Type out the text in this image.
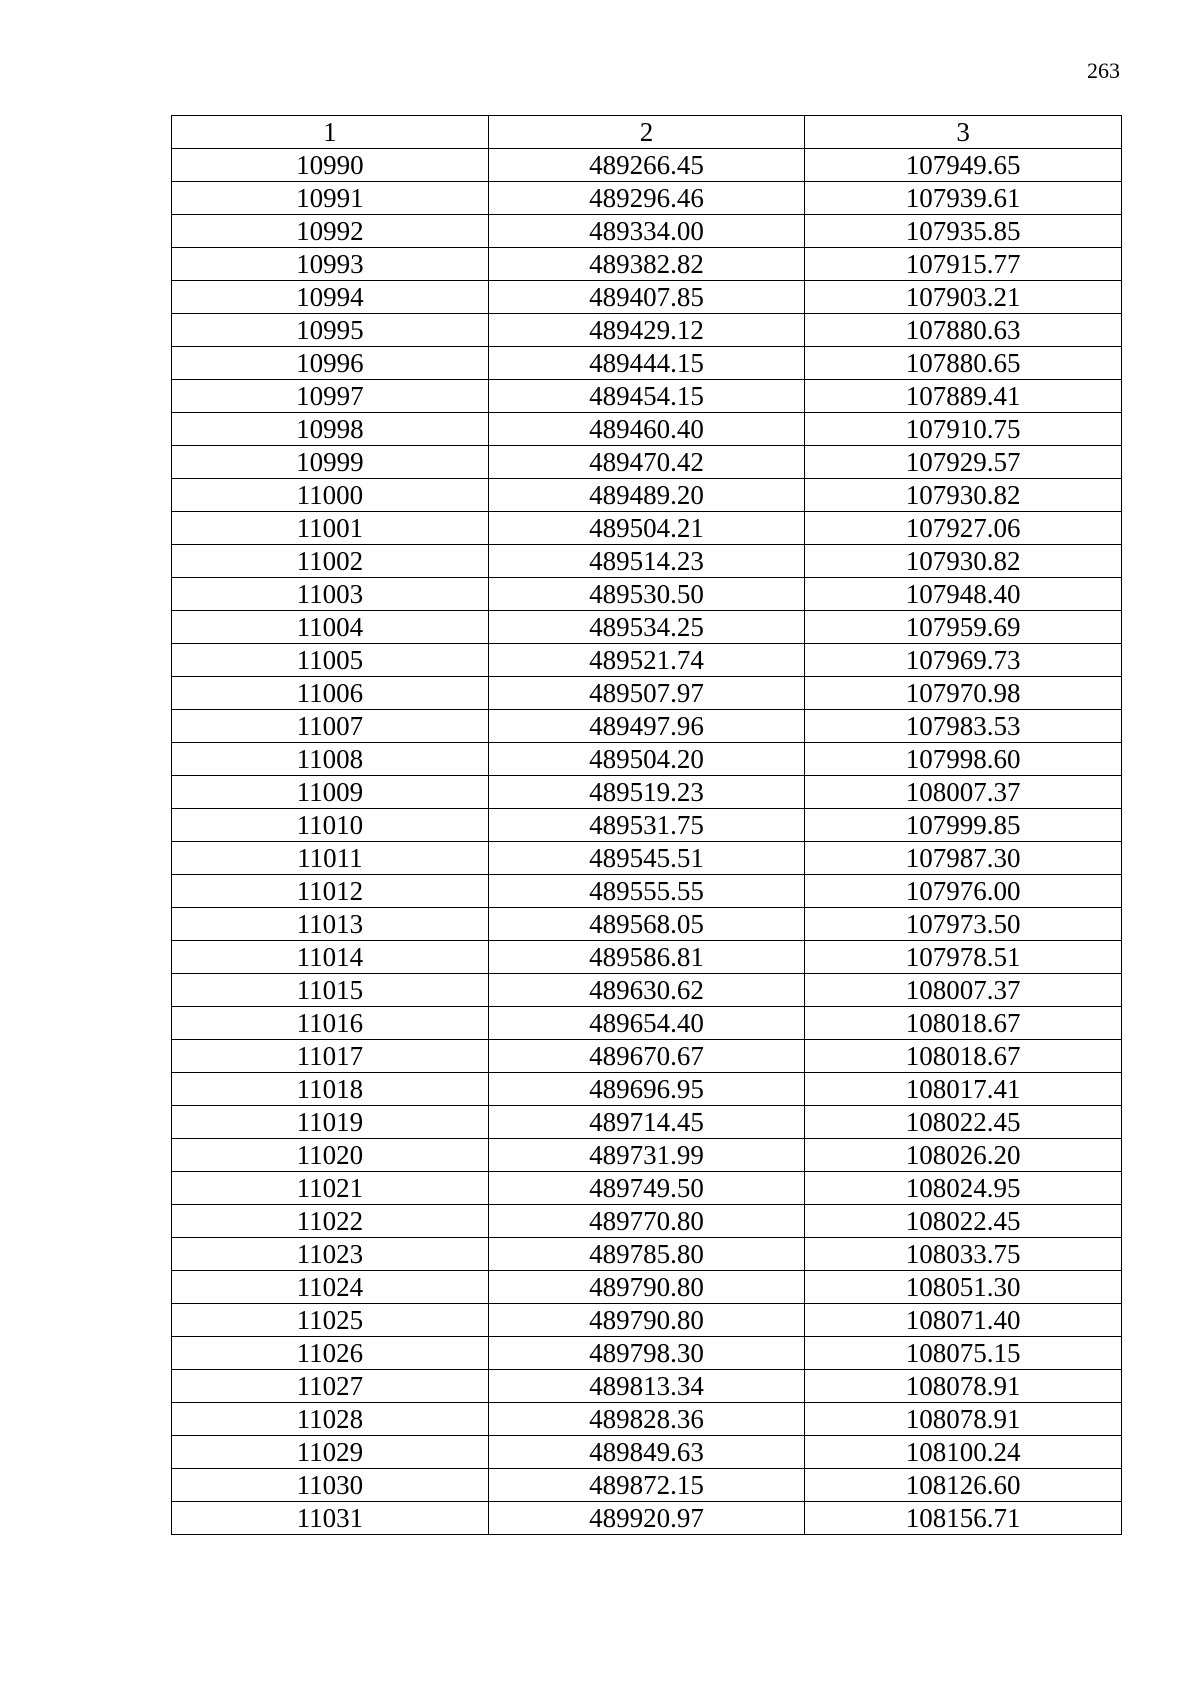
263
1	2	3
10990	489266.45	107949.65
10991	489296.46	107939.61
10992	489334.00	107935.85
10993	489382.82	107915.77
10994	489407.85	107903.21
10995	489429.12	107880.63
10996	489444.15	107880.65
10997	489454.15	107889.41
10998	489460.40	107910.75
10999	489470.42	107929.57
11000	489489.20	107930.82
11001	489504.21	107927.06
11002	489514.23	107930.82
11003	489530.50	107948.40
11004	489534.25	107959.69
11005	489521.74	107969.73
11006	489507.97	107970.98
11007	489497.96	107983.53
11008	489504.20	107998.60
11009	489519.23	108007.37
11010	489531.75	107999.85
11011	489545.51	107987.30
11012	489555.55	107976.00
11013	489568.05	107973.50
11014	489586.81	107978.51
11015	489630.62	108007.37
11016	489654.40	108018.67
11017	489670.67	108018.67
11018	489696.95	108017.41
11019	489714.45	108022.45
11020	489731.99	108026.20
11021	489749.50	108024.95
11022	489770.80	108022.45
11023	489785.80	108033.75
11024	489790.80	108051.30
11025	489790.80	108071.40
11026	489798.30	108075.15
11027	489813.34	108078.91
11028	489828.36	108078.91
11029	489849.63	108100.24
11030	489872.15	108126.60
11031	489920.97	108156.71
